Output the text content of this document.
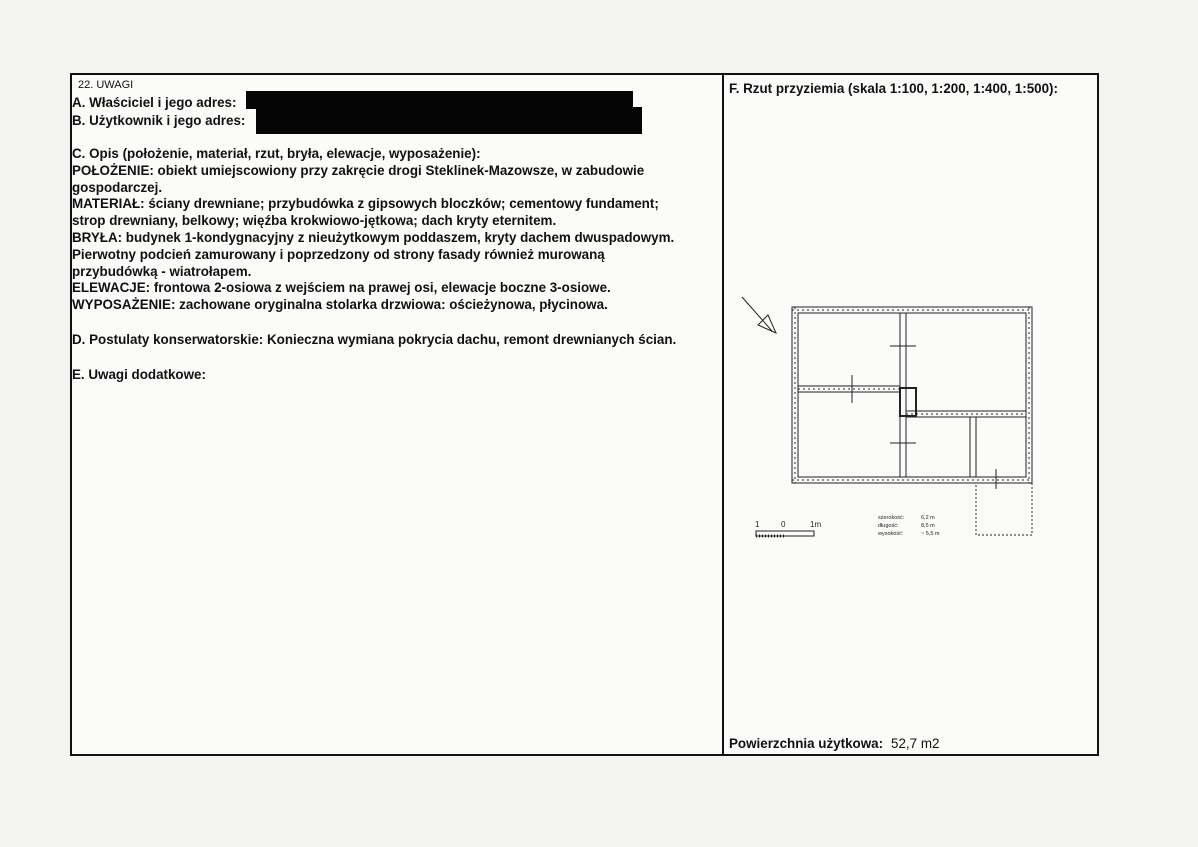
22. UWAGI
A. Właściciel i jego adres:
B. Użytkownik i jego adres:

C. Opis (położenie, materiał, rzut, bryła, elewacje, wyposażenie):

POŁOŻENIE: obiekt umiejscowiony przy zakręcie drogi Steklinek-Mazowsze, w zabudowie

gospodarczej.

MATERIAŁ: ściany drewniane; przybudówka z gipsowych bloczków; cementowy fundament;

strop drewniany, belkowy; więźba krokwiowo-jętkowa; dach kryty eternitem.

BRYŁA: budynek 1-kondygnacyjny z nieużytkowym poddaszem, kryty dachem dwuspadowym.

Pierwotny podcień zamurowany i poprzedzony od strony fasady również murowaną

przybudówką - wiatrołapem.

ELEWACJE: frontowa 2-osiowa z wejściem na prawej osi, elewacje boczne 3-osiowe.

WYPOSAŻENIE: zachowane oryginalna stolarka drzwiowa: ościeżynowa, płycinowa.

D. Postulaty konserwatorskie: Konieczna wymiana pokrycia dachu, remont drewnianych ścian.

E. Uwagi dodatkowe:

F. Rzut przyziemia (skala 1:100, 1:200, 1:400, 1:500):
1	0	1m
szerokość:	6,2 m
długość:	8,5 m
wysokość:	~ 5,5 m
Powierzchnia użytkowa: 52,7 m2
